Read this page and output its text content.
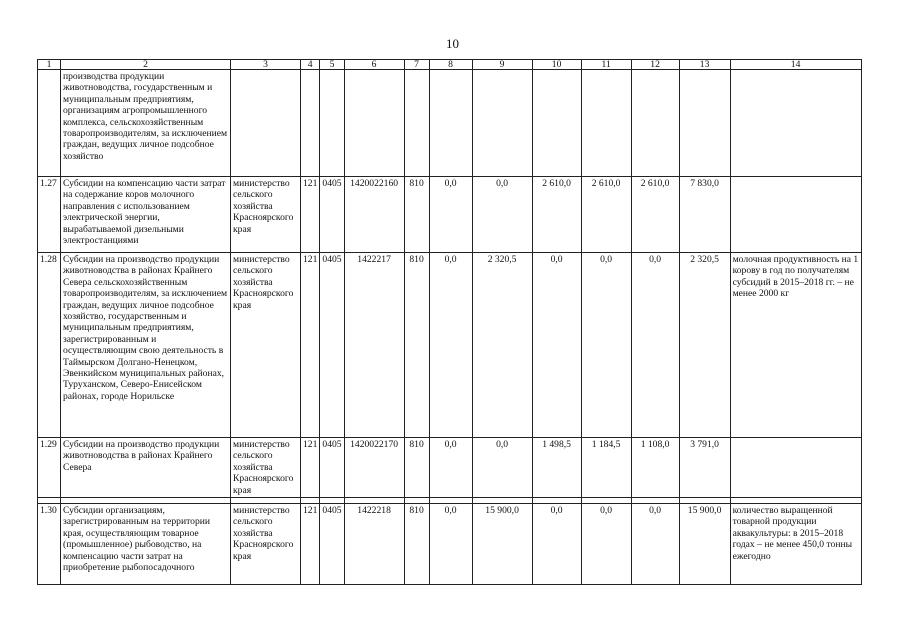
10
1	2	3	4	5	6	7	8	9	10	11	12	13	14
	производства продукции животноводства, государственным и муниципальным предприятиям, организациям агропромышленного комплекса, сельскохозяйственным товаропроизводителям, за исключением граждан, ведущих личное подсобное хозяйство												
1.27	Субсидии на компенсацию части затрат на содержание коров молочного направления с использованием электрической энергии, вырабатываемой дизельными электростанциями	министерство сельского хозяйства Красноярского края	121	0405	1420022160	810	0,0	0,0	2 610,0	2 610,0	2 610,0	7 830,0	
1.28	Субсидии на производство продукции животноводства в районах Крайнего Севера сельскохозяйственным товаропроизводителям, за исключением граждан, ведущих личное подсобное хозяйство, государственным и муниципальным предприятиям, зарегистрированным и осуществляющим свою деятельность в Таймырском Долгано-Ненецком, Эвенкийском муниципальных районах, Туруханском, Северо-Енисейском районах, городе Норильске	министерство сельского хозяйства Красноярского края	121	0405	1422217	810	0,0	2 320,5	0,0	0,0	0,0	2 320,5	молочная продуктивность на 1 корову в год по получателям субсидий в 2015–2018 гг. – не менее 2000 кг
1.29	Субсидии на производство продукции животноводства в районах Крайнего Севера	министерство сельского хозяйства Красноярского края	121	0405	1420022170	810	0,0	0,0	1 498,5	1 184,5	1 108,0	3 791,0	

1.30	Субсидии организациям, зарегистрированным на территории края, осуществляющим товарное (промышленное) рыбоводство, на компенсацию части затрат на приобретение рыбопосадочного	министерство сельского хозяйства Красноярского края	121	0405	1422218	810	0,0	15 900,0	0,0	0,0	0,0	15 900,0	количество выращенной товарной продукции аквакультуры: в 2015–2018 годах – не менее 450,0 тонны ежегодно
